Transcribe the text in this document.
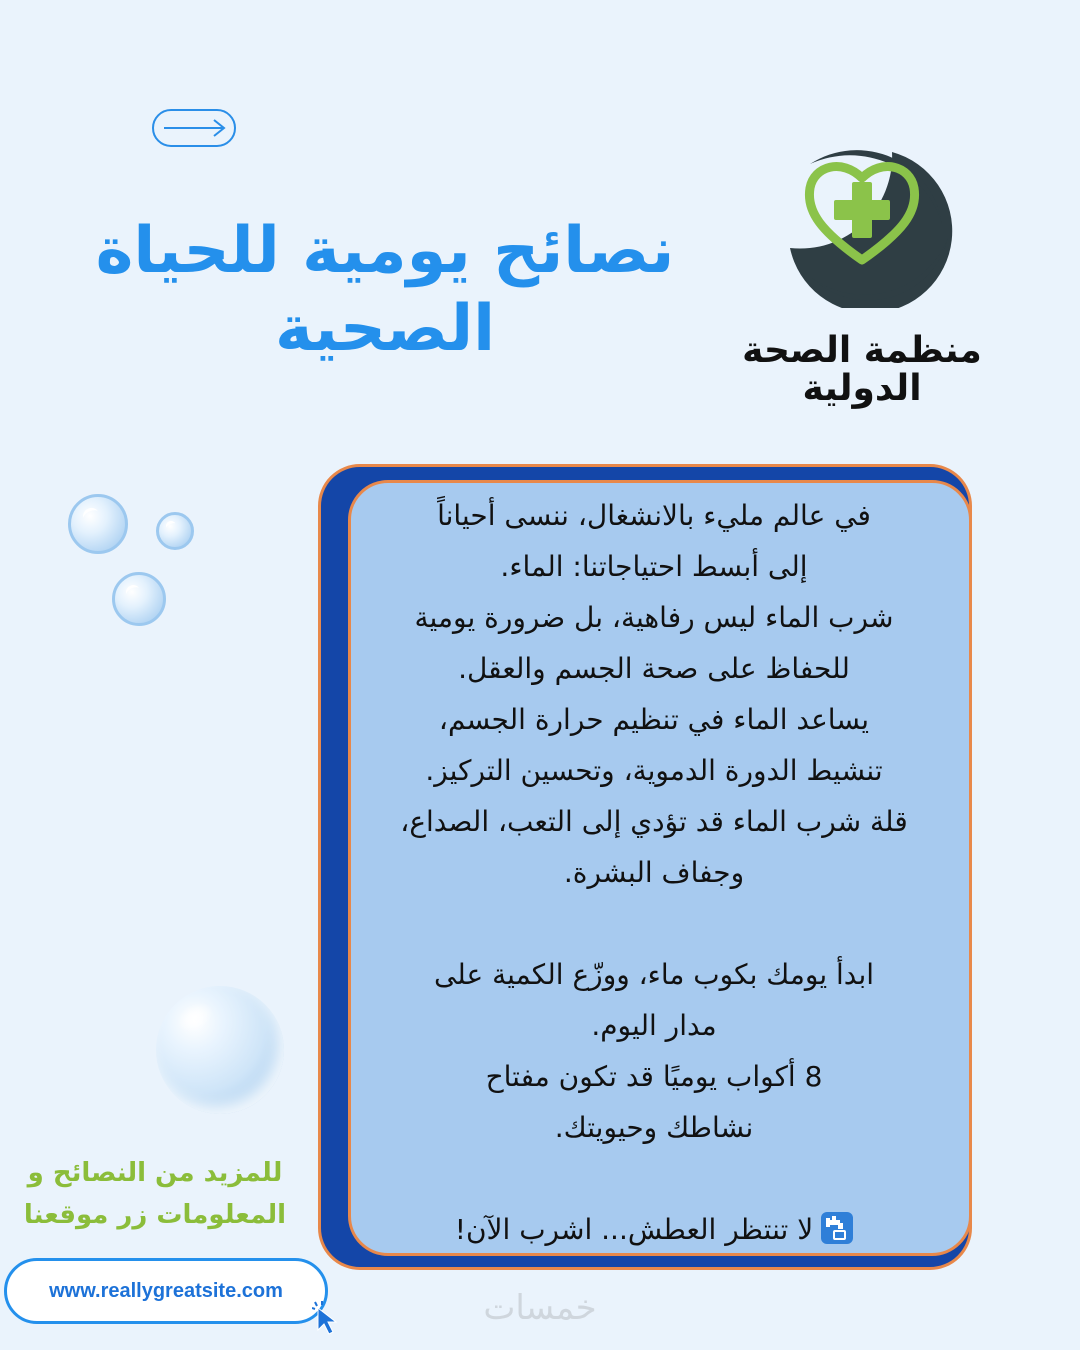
نصائح يومية للحياة
الصحية	منظمة الصحة
الدولية
في عالم مليء بالانشغال، ننسى أحياناً
إلى أبسط احتياجاتنا: الماء.
شرب الماء ليس رفاهية، بل ضرورة يومية
للحفاظ على صحة الجسم والعقل.
يساعد الماء في تنظيم حرارة الجسم،
تنشيط الدورة الدموية، وتحسين التركيز.
قلة شرب الماء قد تؤدي إلى التعب، الصداع،
وجفاف البشرة.
ابدأ يومك بكوب ماء، ووزّع الكمية على
مدار اليوم.
8 أكواب يوميًا قد تكون مفتاح
نشاطك وحيويتك.
لا تنتظر العطش... اشرب الآن!
للمزيد من النصائح و
المعلومات زر موقعنا
www.reallygreatsite.com	خمسات
